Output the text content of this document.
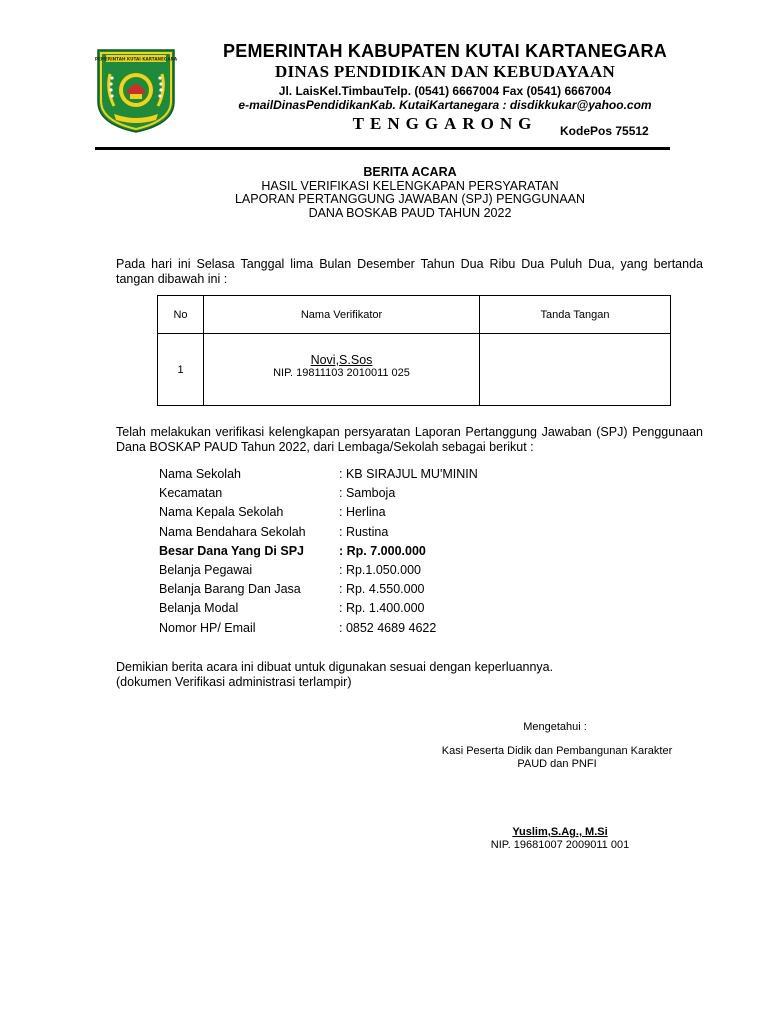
PEMERINTAH KUTAI KARTANEGARA	PEMERINTAH KABUPATEN KUTAI KARTANEGARA
DINAS PENDIDIKAN DAN KEBUDAYAAN
Jl. LaisKel.TimbauTelp. (0541) 6667004 Fax (0541) 6667004
e-mailDinasPendidikanKab. KutaiKartanegara : disdikkukar@yahoo.com
TENGGARONG	KodePos 75512
BERITA ACARA
HASIL VERIFIKASI KELENGKAPAN PERSYARATAN
LAPORAN PERTANGGUNG JAWABAN (SPJ) PENGGUNAAN
DANA BOSKAB PAUD TAHUN 2022
Pada hari ini Selasa Tanggal lima Bulan Desember Tahun Dua Ribu Dua Puluh Dua, yang bertanda tangan dibawah ini :
No	Nama Verifikator	Tanda Tangan
1	Novi,S.Sos
NIP. 19811103 2010011 025	

Telah melakukan verifikasi kelengkapan persyaratan Laporan Pertanggung Jawaban (SPJ) Penggunaan Dana BOSKAP PAUD Tahun 2022, dari Lembaga/Sekolah sebagai berikut :
Nama Sekolah	: KB SIRAJUL MU'MININ
Kecamatan	: Samboja
Nama Kepala Sekolah	: Herlina
Nama Bendahara Sekolah	: Rustina
Besar Dana Yang Di SPJ	: Rp. 7.000.000
Belanja Pegawai	: Rp.1.050.000
Belanja Barang Dan Jasa	: Rp. 4.550.000
Belanja Modal	: Rp. 1.400.000
Nomor HP/ Email	: 0852 4689 4622
Demikian berita acara ini dibuat untuk digunakan sesuai dengan keperluannya.
(dokumen Verifikasi administrasi terlampir)
Mengetahui :
Kasi Peserta Didik dan Pembangunan Karakter
PAUD dan PNFI
Yuslim,S.Ag., M.Si
NIP. 19681007 2009011 001
